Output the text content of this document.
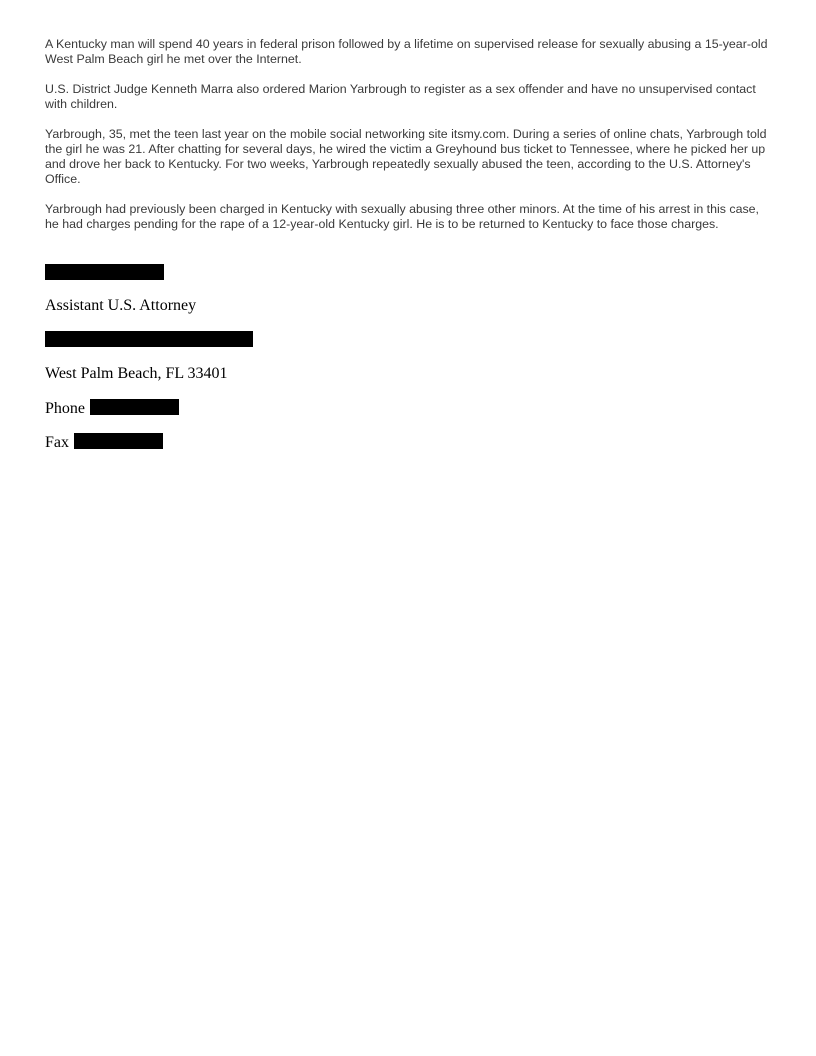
A Kentucky man will spend 40 years in federal prison followed by a lifetime on supervised release for sexually abusing a 15-year-old West Palm Beach girl he met over the Internet.

U.S. District Judge Kenneth Marra also ordered Marion Yarbrough to register as a sex offender and have no unsupervised contact with children.

Yarbrough, 35, met the teen last year on the mobile social networking site itsmy.com. During a series of online chats, Yarbrough told the girl he was 21. After chatting for several days, he wired the victim a Greyhound bus ticket to Tennessee, where he picked her up and drove her back to Kentucky. For two weeks, Yarbrough repeatedly sexually abused the teen, according to the U.S. Attorney's Office.

Yarbrough had previously been charged in Kentucky with sexually abusing three other minors. At the time of his arrest in this case, he had charges pending for the rape of a 12-year-old Kentucky girl. He is to be returned to Kentucky to face those charges.

Assistant U.S. Attorney
West Palm Beach, FL 33401
Phone
Fax
